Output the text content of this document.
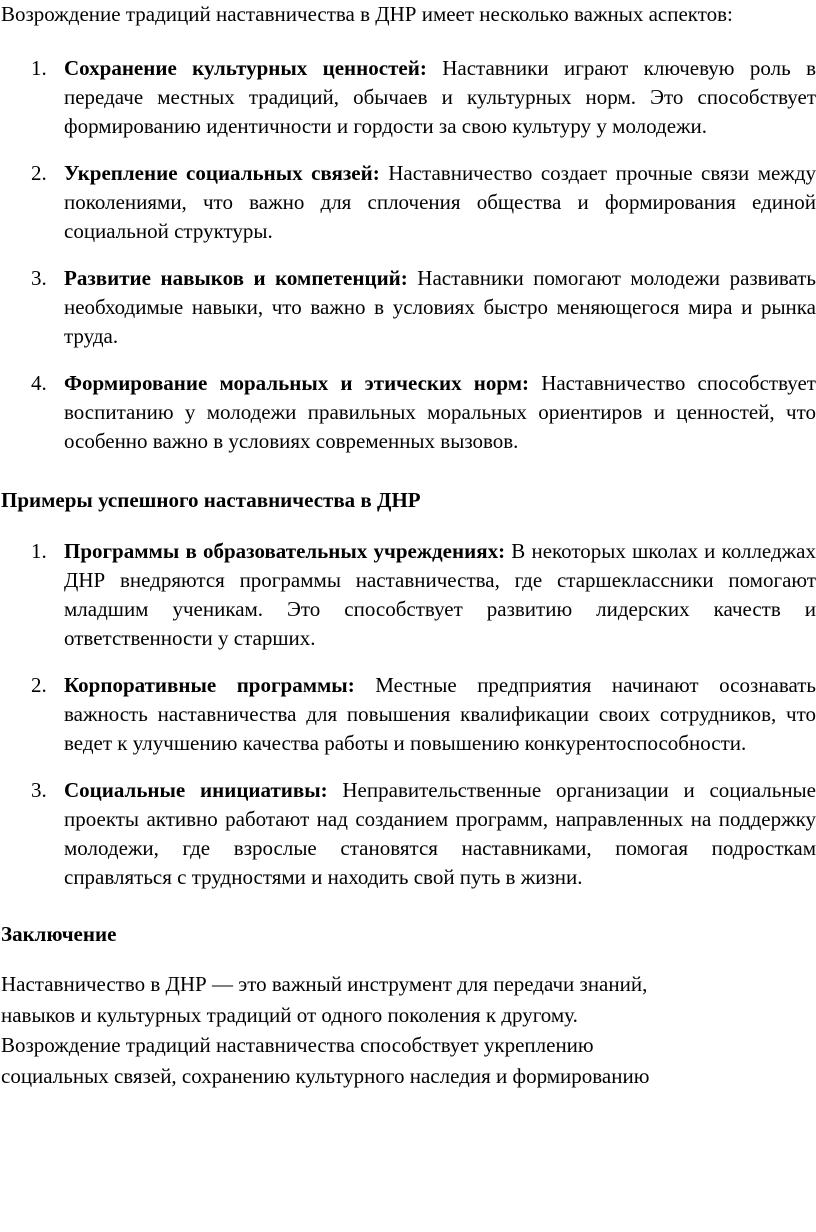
Возрождение традиций наставничества в ДНР имеет несколько важных аспектов:

1. Сохранение культурных ценностей: Наставники играют ключевую роль в передаче местных традиций, обычаев и культурных норм. Это способствует формированию идентичности и гордости за свою культуру у молодежи.
2. Укрепление социальных связей: Наставничество создает прочные связи между поколениями, что важно для сплочения общества и формирования единой социальной структуры.
3. Развитие навыков и компетенций: Наставники помогают молодежи развивать необходимые навыки, что важно в условиях быстро меняющегося мира и рынка труда.
4. Формирование моральных и этических норм: Наставничество способствует воспитанию у молодежи правильных моральных ориентиров и ценностей, что особенно важно в условиях современных вызовов.
Примеры успешного наставничества в ДНР
1. Программы в образовательных учреждениях: В некоторых школах и колледжах ДНР внедряются программы наставничества, где старшеклассники помогают младшим ученикам. Это способствует развитию лидерских качеств и ответственности у старших.
2. Корпоративные программы: Местные предприятия начинают осознавать важность наставничества для повышения квалификации своих сотрудников, что ведет к улучшению качества работы и повышению конкурентоспособности.
3. Социальные инициативы: Неправительственные организации и социальные проекты активно работают над созданием программ, направленных на поддержку молодежи, где взрослые становятся наставниками, помогая подросткам справляться с трудностями и находить свой путь в жизни.
Заключение

Наставничество в ДНР — это важный инструмент для передачи знаний,

навыков и культурных традиций от одного поколения к другому.

Возрождение традиций наставничества способствует укреплению

социальных связей, сохранению культурного наследия и формированию
